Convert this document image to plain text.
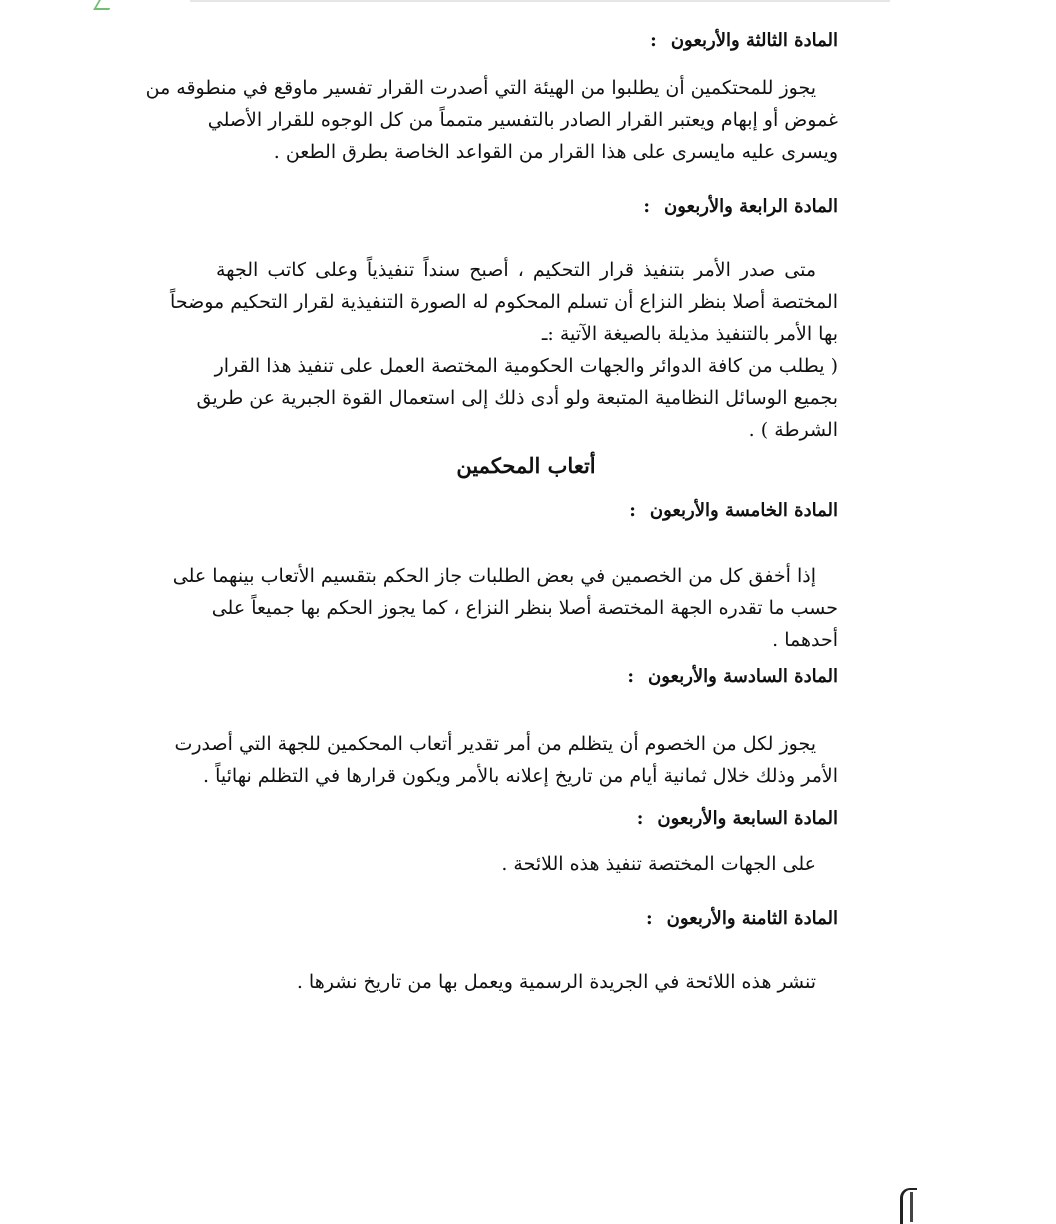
المادة الثالثة والأربعون:
يجوز للمحتكمين أن يطلبوا من الهيئة التي أصدرت القرار تفسير ماوقع في منطوقه من
غموض أو إبهام ويعتبر القرار الصادر بالتفسير متمماً من كل الوجوه للقرار الأصلي
ويسرى عليه مايسرى على هذا القرار من القواعد الخاصة بطرق الطعن .
المادة الرابعة والأربعون:
متى صدر الأمر بتنفيذ قرار التحكيم ، أصبح سنداً تنفيذياً وعلى كاتب الجهة
المختصة أصلا بنظر النزاع أن تسلم المحكوم له الصورة التنفيذية لقرار التحكيم موضحاً
بها الأمر بالتنفيذ مذيلة بالصيغة الآتية :ـ
( يطلب من كافة الدوائر والجهات الحكومية المختصة العمل على تنفيذ هذا القرار
بجميع الوسائل النظامية المتبعة ولو أدى ذلك إلى استعمال القوة الجبرية عن طريق
الشرطة ) .
أتعاب المحكمين
المادة الخامسة والأربعون:
إذا أخفق كل من الخصمين في بعض الطلبات جاز الحكم بتقسيم الأتعاب بينهما على
حسب ما تقدره الجهة المختصة أصلا بنظر النزاع ، كما يجوز الحكم بها جميعاً على
أحدهما .
المادة السادسة والأربعون:
يجوز لكل من الخصوم أن يتظلم من أمر تقدير أتعاب المحكمين للجهة التي أصدرت
الأمر وذلك خلال ثمانية أيام من تاريخ إعلانه بالأمر ويكون قرارها في التظلم نهائياً .
المادة السابعة والأربعون:
على الجهات المختصة تنفيذ هذه اللائحة .
المادة الثامنة والأربعون:
تنشر هذه اللائحة في الجريدة الرسمية ويعمل بها من تاريخ نشرها .
